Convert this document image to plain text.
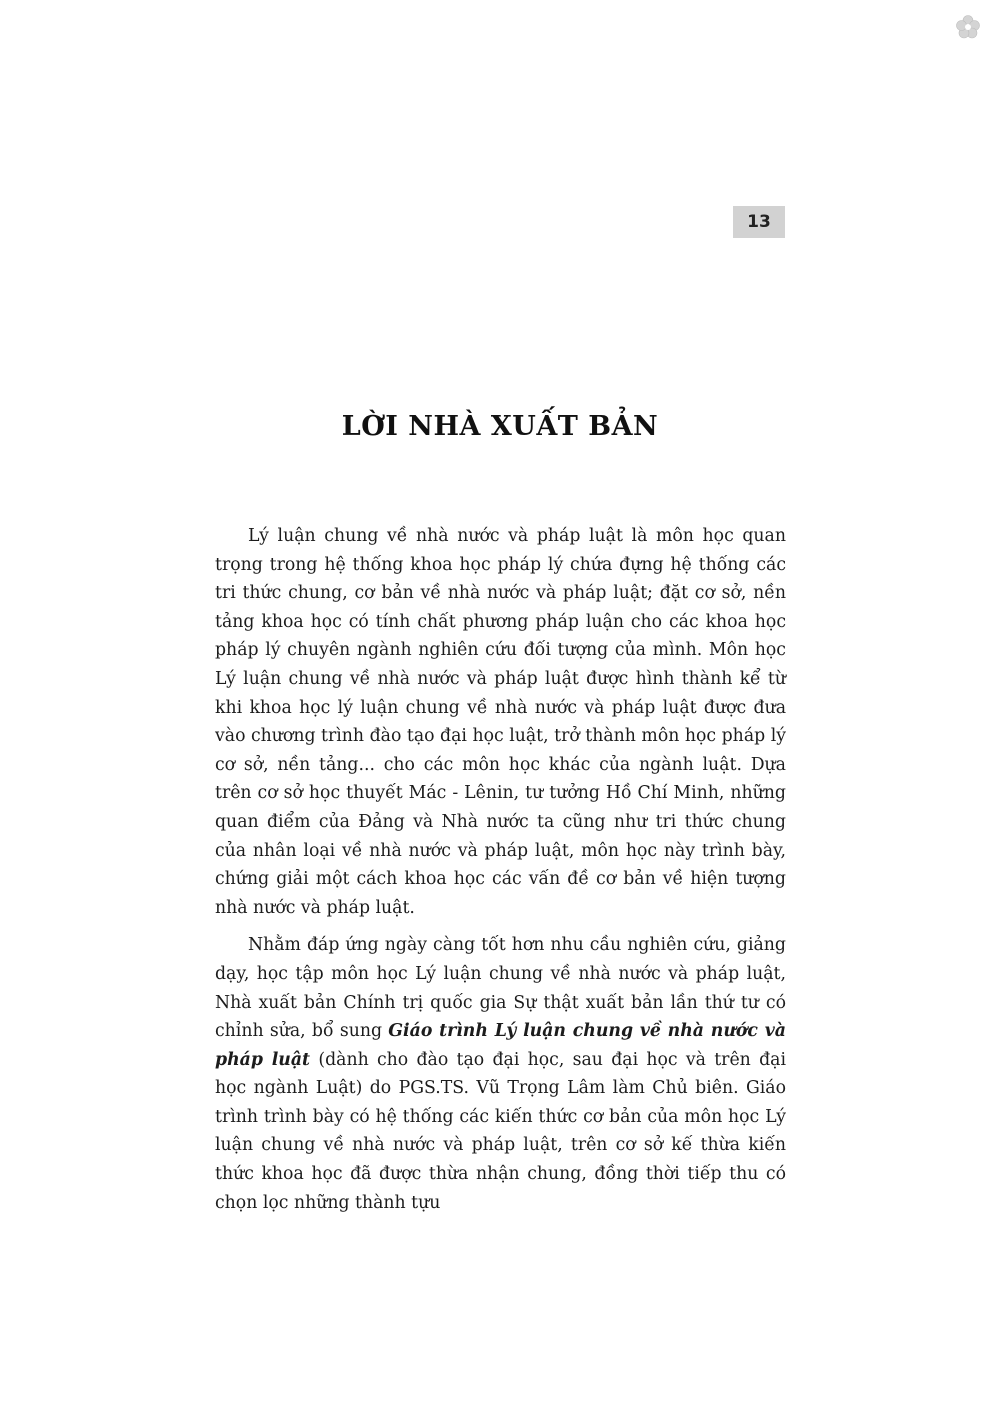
13
LỜI NHÀ XUẤT BẢN

Lý luận chung về nhà nước và pháp luật là môn học quan trọng trong hệ thống khoa học pháp lý chứa đựng hệ thống các tri thức chung, cơ bản về nhà nước và pháp luật; đặt cơ sở, nền tảng khoa học có tính chất phương pháp luận cho các khoa học pháp lý chuyên ngành nghiên cứu đối tượng của mình. Môn học Lý luận chung về nhà nước và pháp luật được hình thành kể từ khi khoa học lý luận chung về nhà nước và pháp luật được đưa vào chương trình đào tạo đại học luật, trở thành môn học pháp lý cơ sở, nền tảng... cho các môn học khác của ngành luật. Dựa trên cơ sở học thuyết Mác - Lênin, tư tưởng Hồ Chí Minh, những quan điểm của Đảng và Nhà nước ta cũng như tri thức chung của nhân loại về nhà nước và pháp luật, môn học này trình bày, chứng giải một cách khoa học các vấn đề cơ bản về hiện tượng nhà nước và pháp luật.

Nhằm đáp ứng ngày càng tốt hơn nhu cầu nghiên cứu, giảng dạy, học tập môn học Lý luận chung về nhà nước và pháp luật, Nhà xuất bản Chính trị quốc gia Sự thật xuất bản lần thứ tư có chỉnh sửa, bổ sung Giáo trình Lý luận chung về nhà nước và pháp luật (dành cho đào tạo đại học, sau đại học và trên đại học ngành Luật) do PGS.TS. Vũ Trọng Lâm làm Chủ biên. Giáo trình trình bày có hệ thống các kiến thức cơ bản của môn học Lý luận chung về nhà nước và pháp luật, trên cơ sở kế thừa kiến thức khoa học đã được thừa nhận chung, đồng thời tiếp thu có chọn lọc những thành tựu
